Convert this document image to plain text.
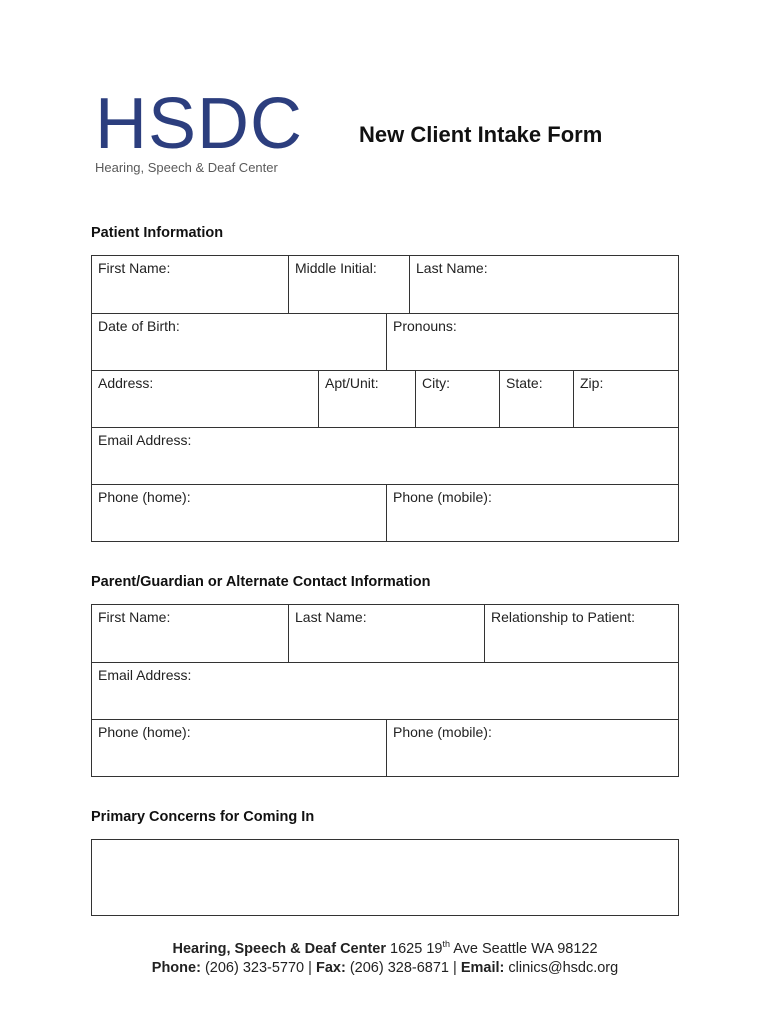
HSDC
Hearing, Speech & Deaf Center
New Client Intake Form
Patient Information
First Name:	Middle Initial:	Last Name:
Date of Birth:	Pronouns:
Address:	Apt/Unit:	City:	State:	Zip:
Email Address:
Phone (home):	Phone (mobile):
Parent/Guardian or Alternate Contact Information
First Name:	Last Name:	Relationship to Patient:
Email Address:
Phone (home):	Phone (mobile):
Primary Concerns for Coming In
Hearing, Speech & Deaf Center 1625 19th Ave Seattle WA 98122
Phone: (206) 323-5770 | Fax: (206) 328-6871 | Email: clinics@hsdc.org
